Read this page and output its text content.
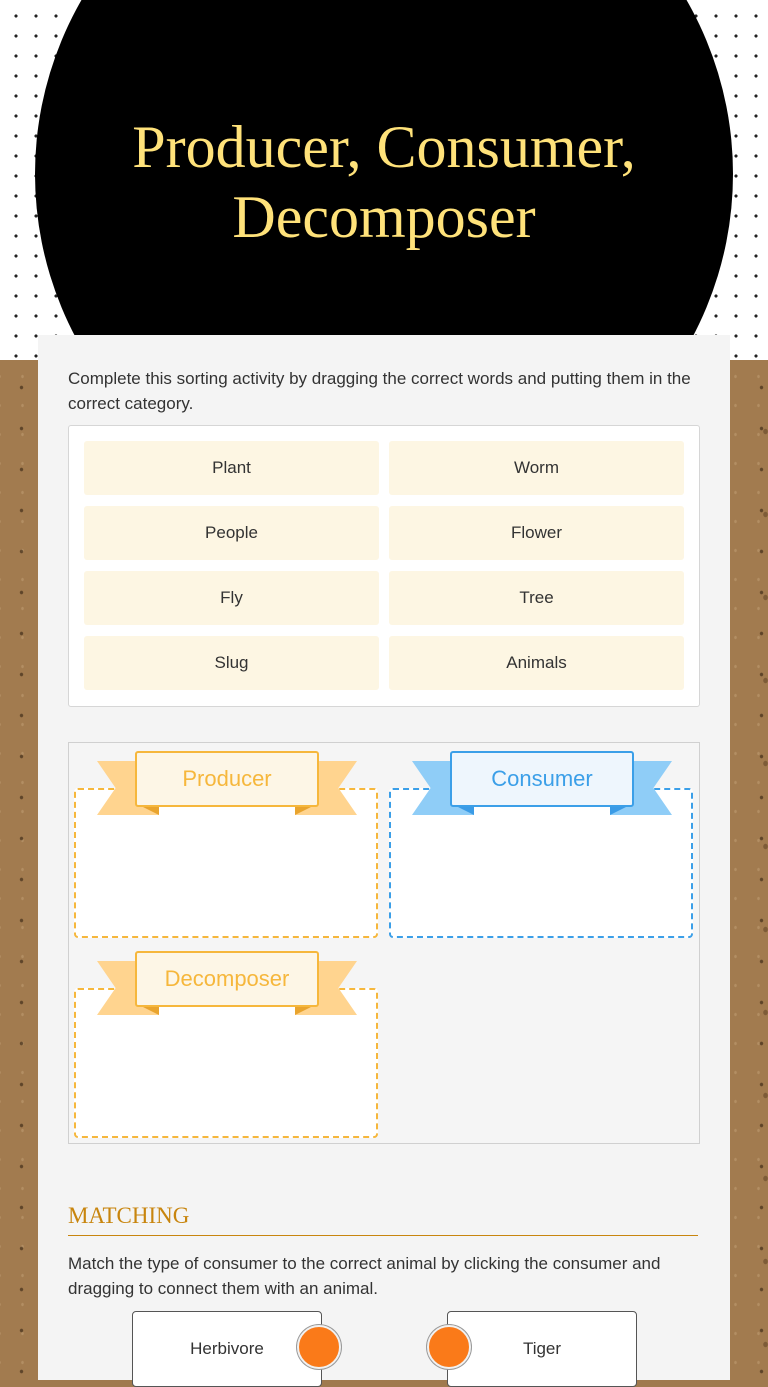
Producer, Consumer, Decomposer

Complete this sorting activity by dragging the correct words and putting them in the correct category.

Plant	Worm
People	Flower
Fly	Tree
Slug	Animals
Producer	Consumer
Decomposer
MATCHING

Match the type of consumer to the correct animal by clicking the consumer and dragging to connect them with an animal.

Herbivore	Tiger
